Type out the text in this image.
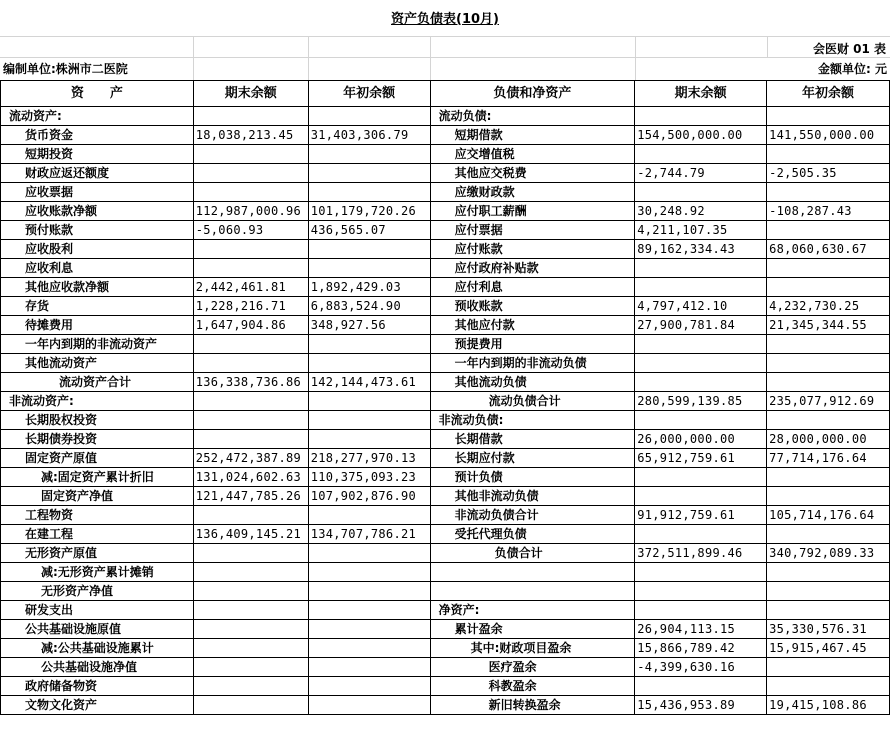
资产负债表(10月)
会医财 01 表
编制单位:株洲市二医院	金额单位: 元
资　　产	期末余额	年初余额	负债和净资产	期末余额	年初余额
流动资产:			流动负债:		
货币资金	18,038,213.45	31,403,306.79	短期借款	154,500,000.00	141,550,000.00
短期投资			应交增值税		
财政应返还额度			其他应交税费	-2,744.79	-2,505.35
应收票据			应缴财政款		
应收账款净额	112,987,000.96	101,179,720.26	应付职工薪酬	30,248.92	-108,287.43
预付账款	-5,060.93	436,565.07	应付票据	4,211,107.35	
应收股利			应付账款	89,162,334.43	68,060,630.67
应收利息			应付政府补贴款		
其他应收款净额	2,442,461.81	1,892,429.03	应付利息		
存货	1,228,216.71	6,883,524.90	预收账款	4,797,412.10	4,232,730.25
待摊费用	1,647,904.86	348,927.56	其他应付款	27,900,781.84	21,345,344.55
一年内到期的非流动资产			预提费用		
其他流动资产			一年内到期的非流动负债		
流动资产合计	136,338,736.86	142,144,473.61	其他流动负债		
非流动资产:			流动负债合计	280,599,139.85	235,077,912.69
长期股权投资			非流动负债:		
长期债券投资			长期借款	26,000,000.00	28,000,000.00
固定资产原值	252,472,387.89	218,277,970.13	长期应付款	65,912,759.61	77,714,176.64
减:固定资产累计折旧	131,024,602.63	110,375,093.23	预计负债		
固定资产净值	121,447,785.26	107,902,876.90	其他非流动负债		
工程物资			非流动负债合计	91,912,759.61	105,714,176.64
在建工程	136,409,145.21	134,707,786.21	受托代理负债		
无形资产原值			负债合计	372,511,899.46	340,792,089.33
减:无形资产累计摊销					
无形资产净值					
研发支出			净资产:		
公共基础设施原值			累计盈余	26,904,113.15	35,330,576.31
减:公共基础设施累计			其中:财政项目盈余	15,866,789.42	15,915,467.45
公共基础设施净值			医疗盈余	-4,399,630.16	
政府储备物资			科教盈余		
文物文化资产			新旧转换盈余	15,436,953.89	19,415,108.86
